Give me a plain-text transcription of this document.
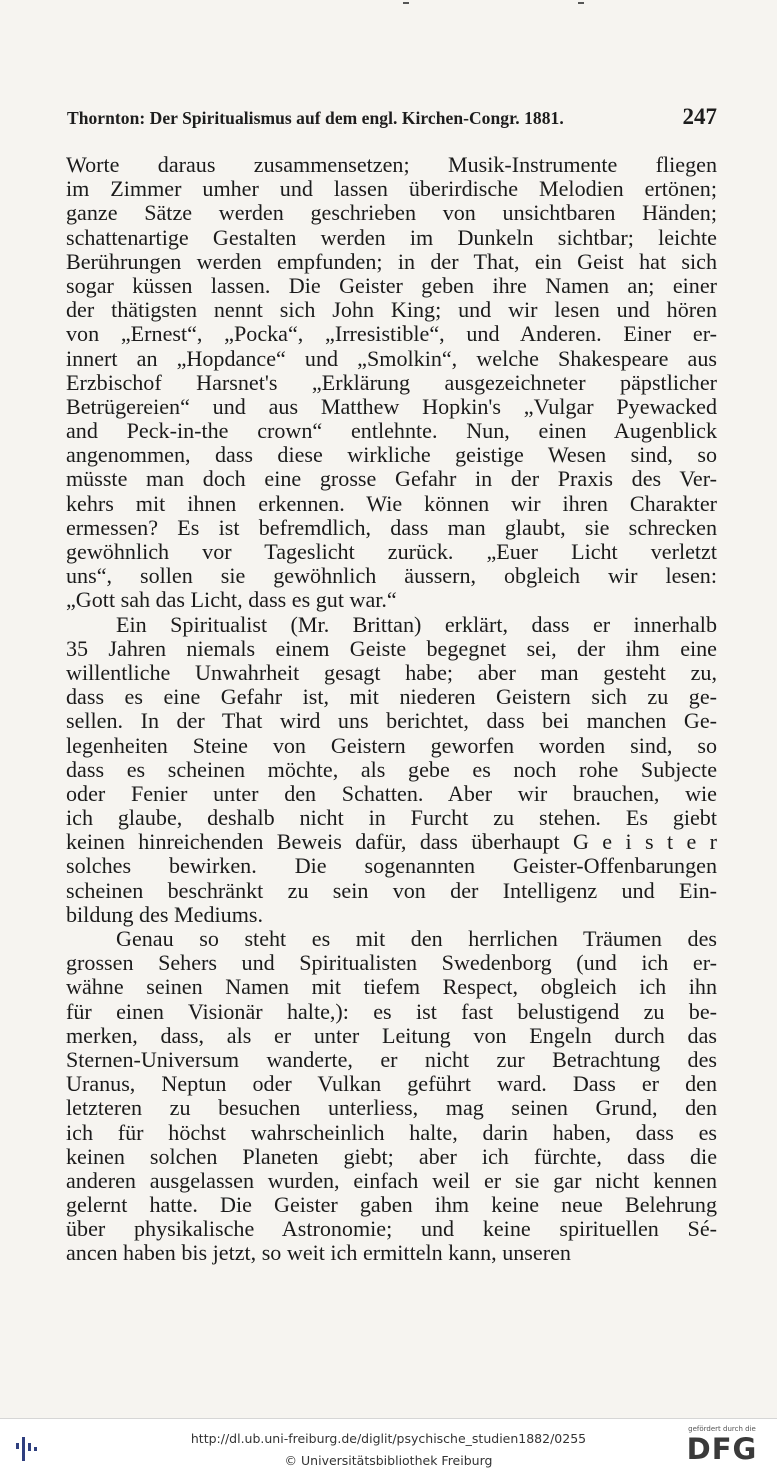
Thornton: Der Spiritualismus auf dem engl. Kirchen-Congr. 1881.	247
Worte daraus zusammensetzen; Musik-Instrumente fliegen
im Zimmer umher und lassen überirdische Melodien ertönen;
ganze Sätze werden geschrieben von unsichtbaren Händen;
schattenartige Gestalten werden im Dunkeln sichtbar; leichte
Berührungen werden empfunden; in der That, ein Geist hat sich
sogar küssen lassen. Die Geister geben ihre Namen an; einer
der thätigsten nennt sich John King; und wir lesen und hören
von „Ernest“, „Pocka“, „Irresistible“, und Anderen. Einer er-
innert an „Hopdance“ und „Smolkin“, welche Shakespeare aus
Erzbischof Harsnet's „Erklärung ausgezeichneter päpstlicher
Betrügereien“ und aus Matthew Hopkin's „Vulgar Pyewacked
and Peck-in-the crown“ entlehnte. Nun, einen Augenblick
angenommen, dass diese wirkliche geistige Wesen sind, so
müsste man doch eine grosse Gefahr in der Praxis des Ver-
kehrs mit ihnen erkennen. Wie können wir ihren Charakter
ermessen? Es ist befremdlich, dass man glaubt, sie schrecken
gewöhnlich vor Tageslicht zurück. „Euer Licht verletzt
uns“, sollen sie gewöhnlich äussern, obgleich wir lesen:
„Gott sah das Licht, dass es gut war.“
Ein Spiritualist (Mr. Brittan) erklärt, dass er innerhalb
35 Jahren niemals einem Geiste begegnet sei, der ihm eine
willentliche Unwahrheit gesagt habe; aber man gesteht zu,
dass es eine Gefahr ist, mit niederen Geistern sich zu ge-
sellen. In der That wird uns berichtet, dass bei manchen Ge-
legenheiten Steine von Geistern geworfen worden sind, so
dass es scheinen möchte, als gebe es noch rohe Subjecte
oder Fenier unter den Schatten. Aber wir brauchen, wie
ich glaube, deshalb nicht in Furcht zu stehen. Es giebt
keinen hinreichenden Beweis dafür, dass überhaupt G e i s t e r
solches bewirken. Die sogenannten Geister-Offenbarungen
scheinen beschränkt zu sein von der Intelligenz und Ein-
bildung des Mediums.
Genau so steht es mit den herrlichen Träumen des
grossen Sehers und Spiritualisten Swedenborg (und ich er-
wähne seinen Namen mit tiefem Respect, obgleich ich ihn
für einen Visionär halte,): es ist fast belustigend zu be-
merken, dass, als er unter Leitung von Engeln durch das
Sternen-Universum wanderte, er nicht zur Betrachtung des
Uranus, Neptun oder Vulkan geführt ward. Dass er den
letzteren zu besuchen unterliess, mag seinen Grund, den
ich für höchst wahrscheinlich halte, darin haben, dass es
keinen solchen Planeten giebt; aber ich fürchte, dass die
anderen ausgelassen wurden, einfach weil er sie gar nicht kennen
gelernt hatte. Die Geister gaben ihm keine neue Belehrung
über physikalische Astronomie; und keine spirituellen Sé-
ancen haben bis jetzt, so weit ich ermitteln kann, unseren
http://dl.ub.uni-freiburg.de/diglit/psychische_studien1882/0255
© Universitätsbibliothek Freiburg
gefördert durch die
DFG
